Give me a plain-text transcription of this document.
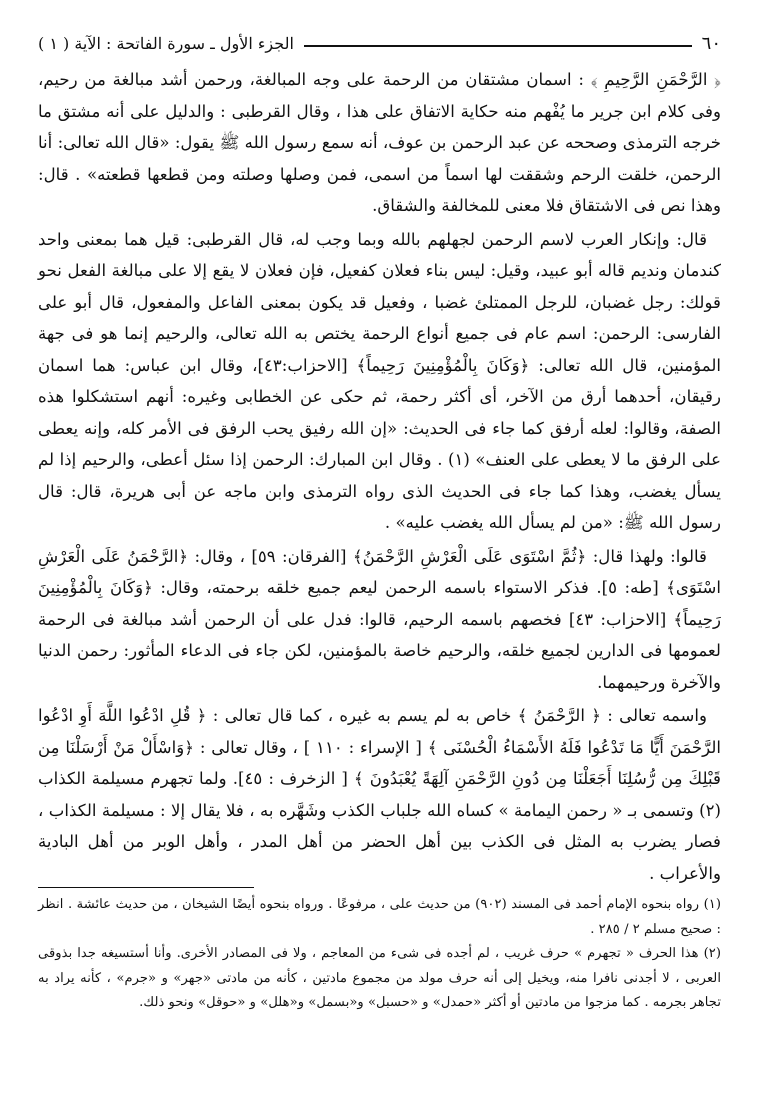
٦٠
الجزء الأول ـ سورة الفاتحة : الآية ( ١ )

﴿ الرَّحْمَنِ الرَّحِيمِ ﴾ : اسمان مشتقان من الرحمة على وجه المبالغة، ورحمن أشد مبالغة من رحيم، وفى كلام ابن جرير ما يُفْهم منه حكاية الاتفاق على هذا ، وقال القرطبى : والدليل على أنه مشتق ما خرجه الترمذى وصححه عن عبد الرحمن بن عوف، أنه سمع رسول الله ﷺ يقول: «قال الله تعالى: أنا الرحمن، خلقت الرحم وشققت لها اسماً من اسمى، فمن وصلها وصلته ومن قطعها قطعته» . قال: وهذا نص فى الاشتقاق فلا معنى للمخالفة والشقاق.

قال: وإنكار العرب لاسم الرحمن لجهلهم بالله وبما وجب له، قال القرطبى: قيل هما بمعنى واحد كندمان ونديم قاله أبو عبيد، وقيل: ليس بناء فعلان كفعيل، فإن فعلان لا يقع إلا على مبالغة الفعل نحو قولك: رجل غضبان، للرجل الممتلئ غضبا ، وفعيل قد يكون بمعنى الفاعل والمفعول، قال أبو على الفارسى: الرحمن: اسم عام فى جميع أنواع الرحمة يختص به الله تعالى، والرحيم إنما هو فى جهة المؤمنين، قال الله تعالى: ﴿وَكَانَ بِالْمُؤْمِنِينَ رَحِيماً﴾ [الاحزاب:٤٣]، وقال ابن عباس: هما اسمان رقيقان، أحدهما أرق من الآخر، أى أكثر رحمة، ثم حكى عن الخطابى وغيره: أنهم استشكلوا هذه الصفة، وقالوا: لعله أرفق كما جاء فى الحديث: «إن الله رفيق يحب الرفق فى الأمر كله، وإنه يعطى على الرفق ما لا يعطى على العنف» (١) . وقال ابن المبارك: الرحمن إذا سئل أعطى، والرحيم إذا لم يسأل يغضب، وهذا كما جاء فى الحديث الذى رواه الترمذى وابن ماجه عن أبى هريرة، قال: قال رسول الله ﷺ: «من لم يسأل الله يغضب عليه» .

قالوا: ولهذا قال: ﴿ثُمَّ اسْتَوَى عَلَى الْعَرْشِ الرَّحْمَنُ﴾ [الفرقان: ٥٩] ، وقال: ﴿الرَّحْمَنُ عَلَى الْعَرْشِ اسْتَوَى﴾ [طه: ٥]. فذكر الاستواء باسمه الرحمن ليعم جميع خلقه برحمته، وقال: ﴿وَكَانَ بِالْمُؤْمِنِينَ رَحِيماً﴾ [الاحزاب: ٤٣] فخصهم باسمه الرحيم، قالوا: فدل على أن الرحمن أشد مبالغة فى الرحمة لعمومها فى الدارين لجميع خلقه، والرحيم خاصة بالمؤمنين، لكن جاء فى الدعاء المأثور: رحمن الدنيا والآخرة ورحيمهما.

واسمه تعالى : ﴿ الرَّحْمَنُ ﴾ خاص به لم يسم به غيره ، كما قال تعالى : ﴿ قُلِ ادْعُوا اللَّهَ أَوِ ادْعُوا الرَّحْمَنَ أَيًّا مَا تَدْعُوا فَلَهُ الأَسْمَاءُ الْحُسْنَى ﴾ [ الإسراء : ١١٠ ] ، وقال تعالى : ﴿وَاسْأَلْ مَنْ أَرْسَلْنَا مِن قَبْلِكَ مِن رُّسُلِنَا أَجَعَلْنَا مِن دُونِ الرَّحْمَنِ آلِهَةً يُعْبَدُونَ ﴾ [ الزخرف : ٤٥]. ولما تجهرم مسيلمة الكذاب (٢) وتسمى بـ « رحمن اليمامة » كساه الله جلباب الكذب وشَهَّره به ، فلا يقال إلا : مسيلمة الكذاب ، فصار يضرب به المثل فى الكذب بين أهل الحضر من أهل المدر ، وأهل الوبر من أهل البادية والأعراب .

(١) رواه بنحوه الإمام أحمد فى المسند (٩٠٢) من حديث على ، مرفوعًا . ورواه بنحوه أيضًا الشيخان ، من حديث عائشة . انظر : صحيح مسلم ٢ / ٢٨٥ .

(٢) هذا الحرف « تجهرم » حرف غريب ، لم أجده فى شىء من المعاجم ، ولا فى المصادر الأخرى. وأنا أستسيغه جدا بذوقى العربى ، لا أجدنى نافرا منه، ويخيل إلى أنه حرف مولد من مجموع مادتين ، كأنه من مادتى «جهر» و «جرم» ، كأنه يراد به تجاهر بجرمه . كما مزجوا من مادتين أو أكثر «حمدل» و «حسبل» و«بسمل» و«هلل» و «حوقل» ونحو ذلك.
